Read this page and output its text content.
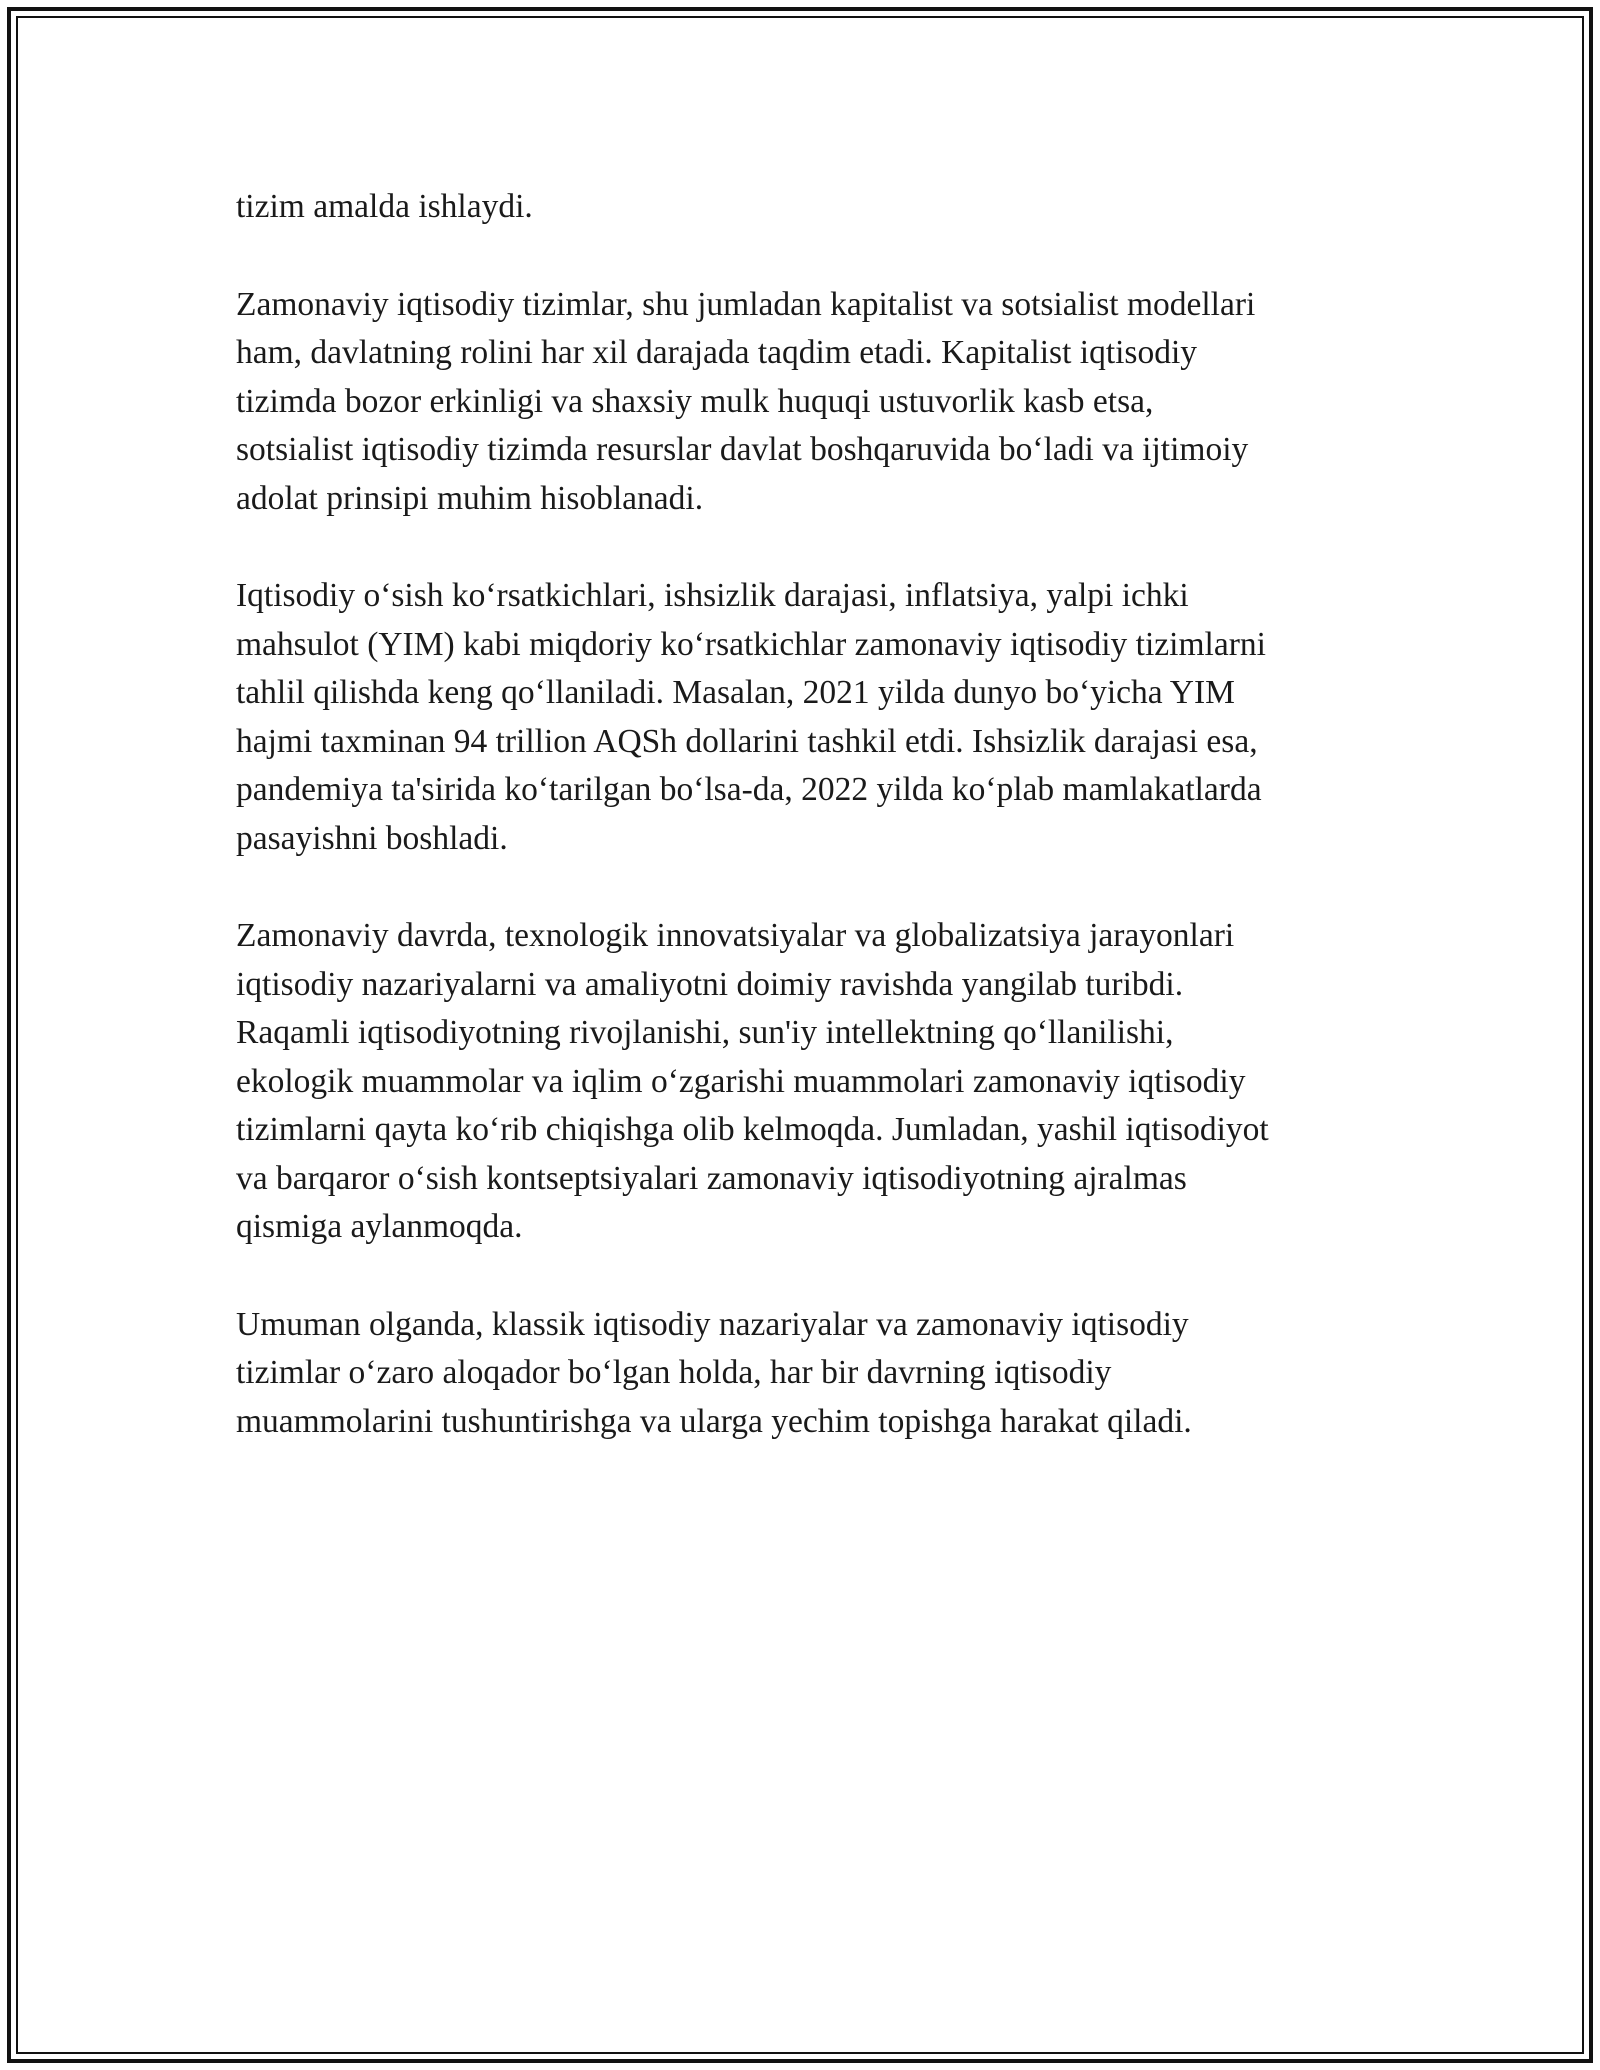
tizim amalda ishlaydi.

Zamonaviy iqtisodiy tizimlar, shu jumladan kapitalist va sotsialist modellari
ham, davlatning rolini har xil darajada taqdim etadi. Kapitalist iqtisodiy
tizimda bozor erkinligi va shaxsiy mulk huquqi ustuvorlik kasb etsa,
sotsialist iqtisodiy tizimda resurslar davlat boshqaruvida bo‘ladi va ijtimoiy
adolat prinsipi muhim hisoblanadi.

Iqtisodiy o‘sish ko‘rsatkichlari, ishsizlik darajasi, inflatsiya, yalpi ichki
mahsulot (YIM) kabi miqdoriy ko‘rsatkichlar zamonaviy iqtisodiy tizimlarni
tahlil qilishda keng qo‘llaniladi. Masalan, 2021 yilda dunyo bo‘yicha YIM
hajmi taxminan 94 trillion AQSh dollarini tashkil etdi. Ishsizlik darajasi esa,
pandemiya ta'sirida ko‘tarilgan bo‘lsa-da, 2022 yilda ko‘plab mamlakatlarda
pasayishni boshladi.

Zamonaviy davrda, texnologik innovatsiyalar va globalizatsiya jarayonlari
iqtisodiy nazariyalarni va amaliyotni doimiy ravishda yangilab turibdi.
Raqamli iqtisodiyotning rivojlanishi, sun'iy intellektning qo‘llanilishi,
ekologik muammolar va iqlim o‘zgarishi muammolari zamonaviy iqtisodiy
tizimlarni qayta ko‘rib chiqishga olib kelmoqda. Jumladan, yashil iqtisodiyot
va barqaror o‘sish kontseptsiyalari zamonaviy iqtisodiyotning ajralmas
qismiga aylanmoqda.

Umuman olganda, klassik iqtisodiy nazariyalar va zamonaviy iqtisodiy
tizimlar o‘zaro aloqador bo‘lgan holda, har bir davrning iqtisodiy
muammolarini tushuntirishga va ularga yechim topishga harakat qiladi.
